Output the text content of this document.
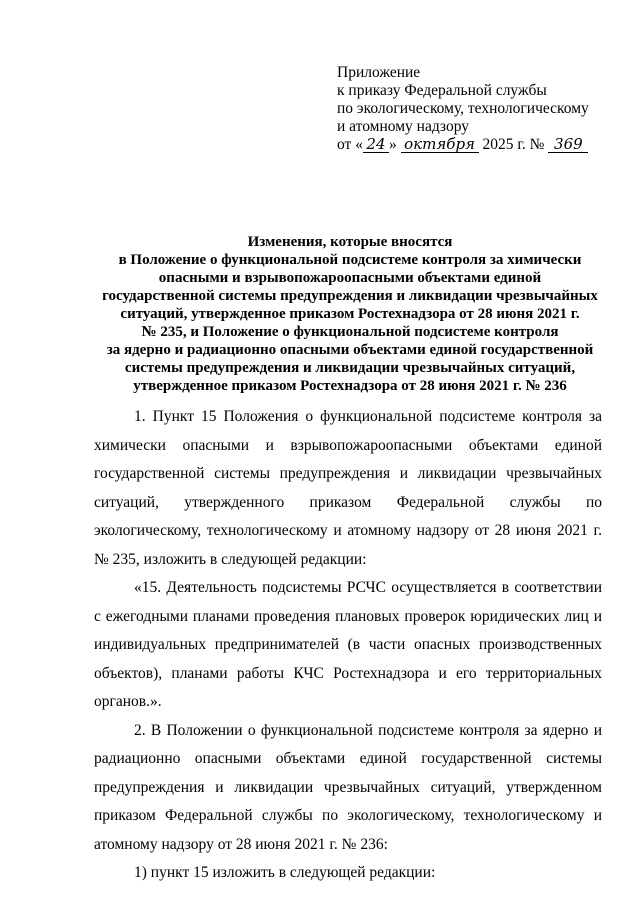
Приложение
к приказу Федеральной службы
по экологическому, технологическому
и атомному надзору
от « 24 » октября 2025 г. № 369
Изменения, которые вносятся
в Положение о функциональной подсистеме контроля за химически
опасными и взрывопожароопасными объектами единой
государственной системы предупреждения и ликвидации чрезвычайных
ситуаций, утвержденное приказом Ростехнадзора от 28 июня 2021 г.
№ 235, и Положение о функциональной подсистеме контроля
за ядерно и радиационно опасными объектами единой государственной
системы предупреждения и ликвидации чрезвычайных ситуаций,
утвержденное приказом Ростехнадзора от 28 июня 2021 г. № 236

1. Пункт 15 Положения о функциональной подсистеме контроля за химически опасными и взрывопожароопасными объектами единой государственной системы предупреждения и ликвидации чрезвычайных ситуаций, утвержденного приказом Федеральной службы по экологическому, технологическому и атомному надзору от 28 июня 2021 г. № 235, изложить в следующей редакции:

«15. Деятельность подсистемы РСЧС осуществляется в соответствии с ежегодными планами проведения плановых проверок юридических лиц и индивидуальных предпринимателей (в части опасных производственных объектов), планами работы КЧС Ростехнадзора и его территориальных органов.».

2. В Положении о функциональной подсистеме контроля за ядерно и радиационно опасными объектами единой государственной системы предупреждения и ликвидации чрезвычайных ситуаций, утвержденном приказом Федеральной службы по экологическому, технологическому и атомному надзору от 28 июня 2021 г. № 236:

1) пункт 15 изложить в следующей редакции:
